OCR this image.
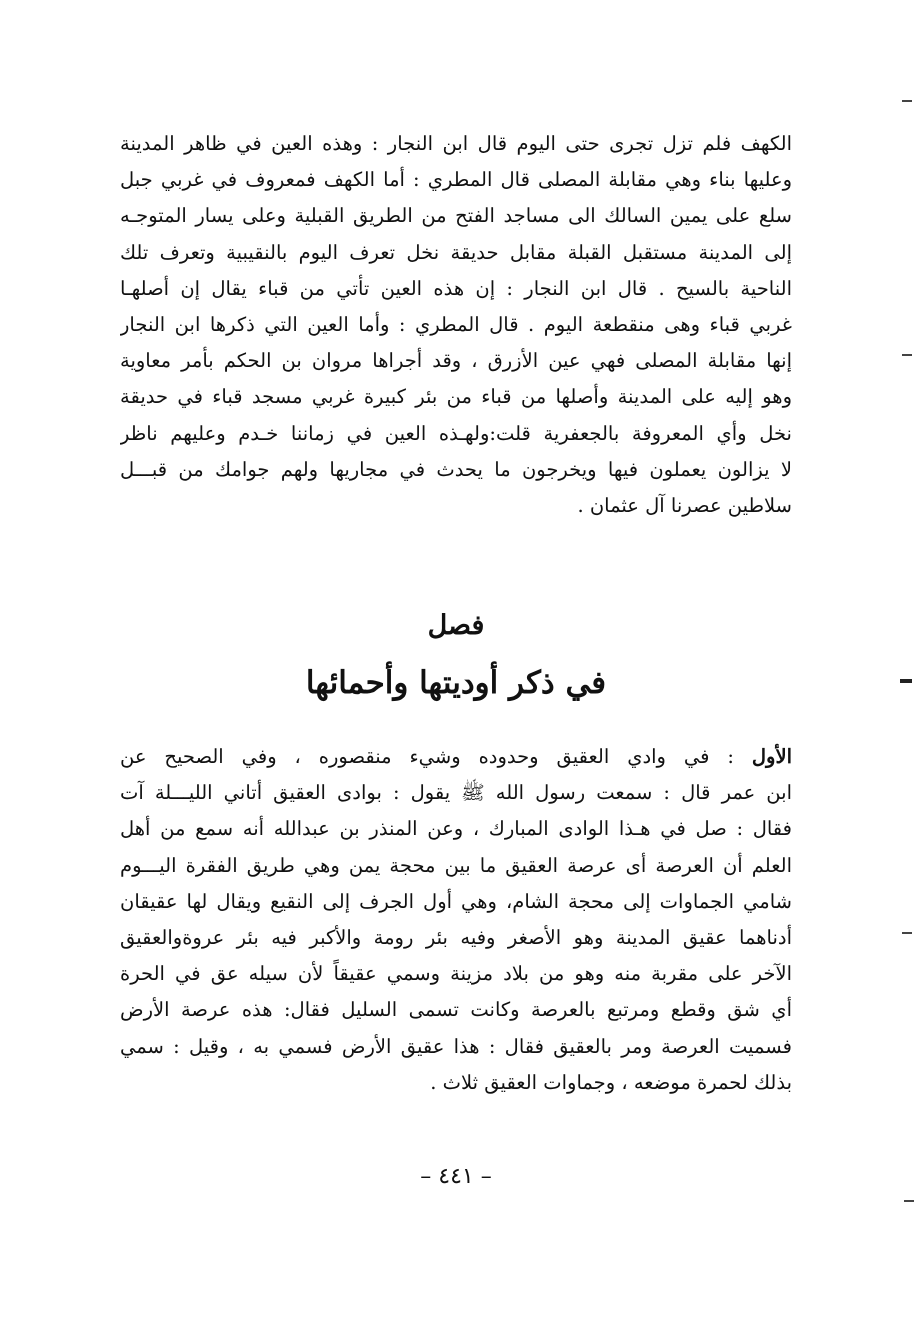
الكهف فلم تزل تجرى حتى اليوم قال ابن النجار : وهذه العين في ظاهر المدينة
وعليها بناء وهي مقابلة المصلى قال المطري : أما الكهف فمعروف في غربي جبل
سلع على يمين السالك الى مساجد الفتح من الطريق القبلية وعلى يسار المتوجـه
إلى المدينة مستقبل القبلة مقابل حديقة نخل تعرف اليوم بالنقيبية وتعرف تلك
الناحية بالسيح . قال ابن النجار : إن هذه العين تأتي من قباء يقال إن أصلهـا
غربي قباء وهى منقطعة اليوم . قال المطري : وأما العين التي ذكرها ابن النجار
إنها مقابلة المصلى فهي عين الأزرق ، وقد أجراها مروان بن الحكم بأمر معاوية
وهو إليه على المدينة وأصلها من قباء من بئر كبيرة غربي مسجد قباء في حديقة
نخل وأي المعروفة بالجعفرية قلت:ولهـذه العين في زماننا خـدم وعليهم ناظر
لا يزالون يعملون فيها ويخرجون ما يحدث في مجاريها ولهم جوامك من قبـــل
سلاطين عصرنا آل عثمان .
فصل
في ذكر أوديتها وأحمائها
الأول : في وادي العقيق وحدوده وشيء منقصوره ، وفي الصحيح عن
ابن عمر قال : سمعت رسول الله ﷺ يقول : بوادى العقيق أتاني الليـــلة آت
فقال : صل في هـذا الوادى المبارك ، وعن المنذر بن عبدالله أنه سمع من أهل
العلم أن العرصة أى عرصة العقيق ما بين محجة يمن وهي طريق الفقرة اليـــوم
شامي الجماوات إلى محجة الشام، وهي أول الجرف إلى النقيع ويقال لها عقيقان
أدناهما عقيق المدينة وهو الأصغر وفيه بئر رومة والأكبر فيه بئر عروةوالعقيق
الآخر على مقربة منه وهو من بلاد مزينة وسمي عقيقاً لأن سيله عق في الحرة
أي شق وقطع ومرتبع بالعرصة وكانت تسمى السليل فقال: هذه عرصة الأرض
فسميت العرصة ومر بالعقيق فقال : هذا عقيق الأرض فسمي به ، وقيل : سمي
بذلك لحمرة موضعه ، وجماوات العقيق ثلاث .
– ٤٤١ –
